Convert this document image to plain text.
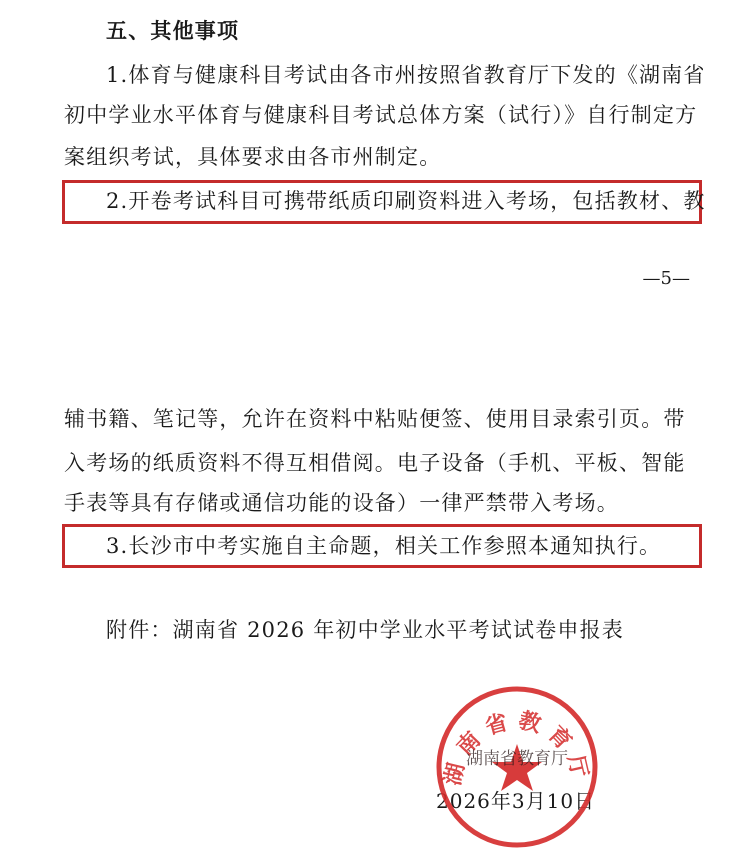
五、其他事项
1.体育与健康科目考试由各市州按照省教育厅下发的《湖南省
初中学业水平体育与健康科目考试总体方案（试行）》自行制定方
案组织考试，具体要求由各市州制定。
2.开卷考试科目可携带纸质印刷资料进入考场，包括教材、教
—5—
辅书籍、笔记等，允许在资料中粘贴便签、使用目录索引页。带
入考场的纸质资料不得互相借阅。电子设备（手机、平板、智能
手表等具有存储或通信功能的设备）一律严禁带入考场。
3.长沙市中考实施自主命题，相关工作参照本通知执行。
附件：湖南省 2026 年初中学业水平考试试卷申报表
2026年3月10日
湖南省教育厅
湖南省教育厅
